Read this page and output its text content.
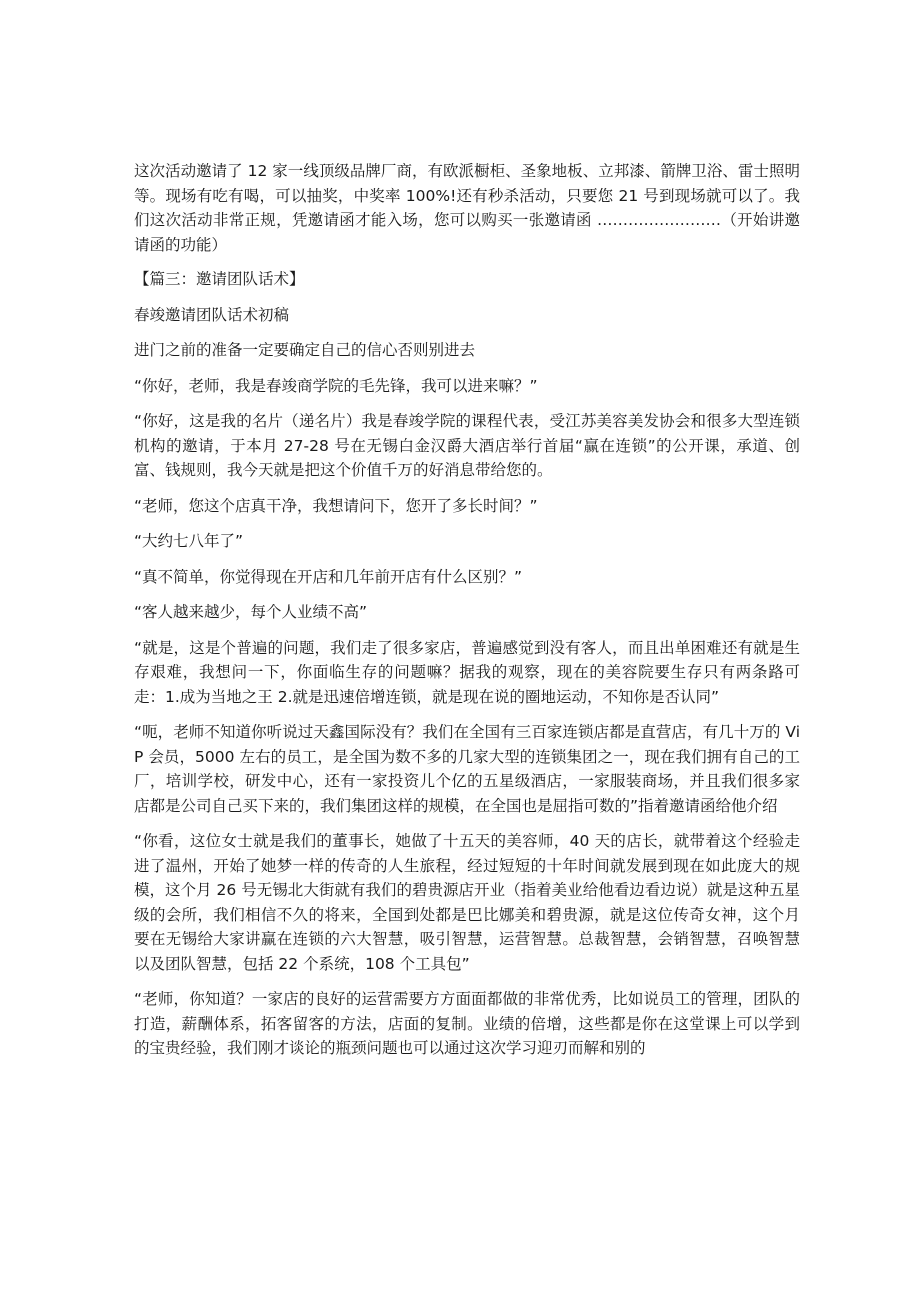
这次活动邀请了 12 家一线顶级品牌厂商，有欧派橱柜、圣象地板、立邦漆、箭牌卫浴、雷士照明等。现场有吃有喝，可以抽奖，中奖率 100%!还有秒杀活动，只要您 21 号到现场就可以了。我们这次活动非常正规，凭邀请函才能入场，您可以购买一张邀请函 ……………………（开始讲邀请函的功能）

【篇三：邀请团队话术】

春竣邀请团队话术初稿

进门之前的准备一定要确定自己的信心否则别进去

“你好，老师，我是春竣商学院的毛先锋，我可以进来嘛？”

“你好，这是我的名片（递名片）我是春竣学院的课程代表，受江苏美容美发协会和很多大型连锁机构的邀请，于本月 27-28 号在无锡白金汉爵大酒店举行首届“赢在连锁”的公开课，承道、创富、钱规则，我今天就是把这个价值千万的好消息带给您的。

“老师，您这个店真干净，我想请问下，您开了多长时间？”

“大约七八年了”

“真不简单，你觉得现在开店和几年前开店有什么区别？”

“客人越来越少，每个人业绩不高”

“就是，这是个普遍的问题，我们走了很多家店，普遍感觉到没有客人，而且出单困难还有就是生存艰难，我想问一下，你面临生存的问题嘛？据我的观察，现在的美容院要生存只有两条路可走：1.成为当地之王 2.就是迅速倍增连锁，就是现在说的圈地运动，不知你是否认同”

“呃，老师不知道你听说过天鑫国际没有？我们在全国有三百家连锁店都是直营店，有几十万的 ViP 会员，5000 左右的员工，是全国为数不多的几家大型的连锁集团之一，现在我们拥有自己的工厂，培训学校，研发中心，还有一家投资儿个亿的五星级酒店，一家服装商场，并且我们很多家店都是公司自己买下来的，我们集团这样的规模，在全国也是屈指可数的”指着邀请函给他介绍

“你看，这位女士就是我们的董事长，她做了十五天的美容师，40 天的店长，就带着这个经验走进了温州，开始了她梦一样的传奇的人生旅程，经过短短的十年时间就发展到现在如此庞大的规模，这个月 26 号无锡北大街就有我们的碧贵源店开业（指着美业给他看边看边说）就是这种五星级的会所，我们相信不久的将来，全国到处都是巴比娜美和碧贵源，就是这位传奇女神，这个月要在无锡给大家讲赢在连锁的六大智慧，吸引智慧，运营智慧。总裁智慧，会销智慧，召唤智慧以及团队智慧，包括 22 个系统，108 个工具包”

“老师，你知道？一家店的良好的运营需要方方面面都做的非常优秀，比如说员工的管理，团队的打造，薪酬体系，拓客留客的方法，店面的复制。业绩的倍增，这些都是你在这堂课上可以学到的宝贵经验，我们刚才谈论的瓶颈问题也可以通过这次学习迎刃而解和别的
